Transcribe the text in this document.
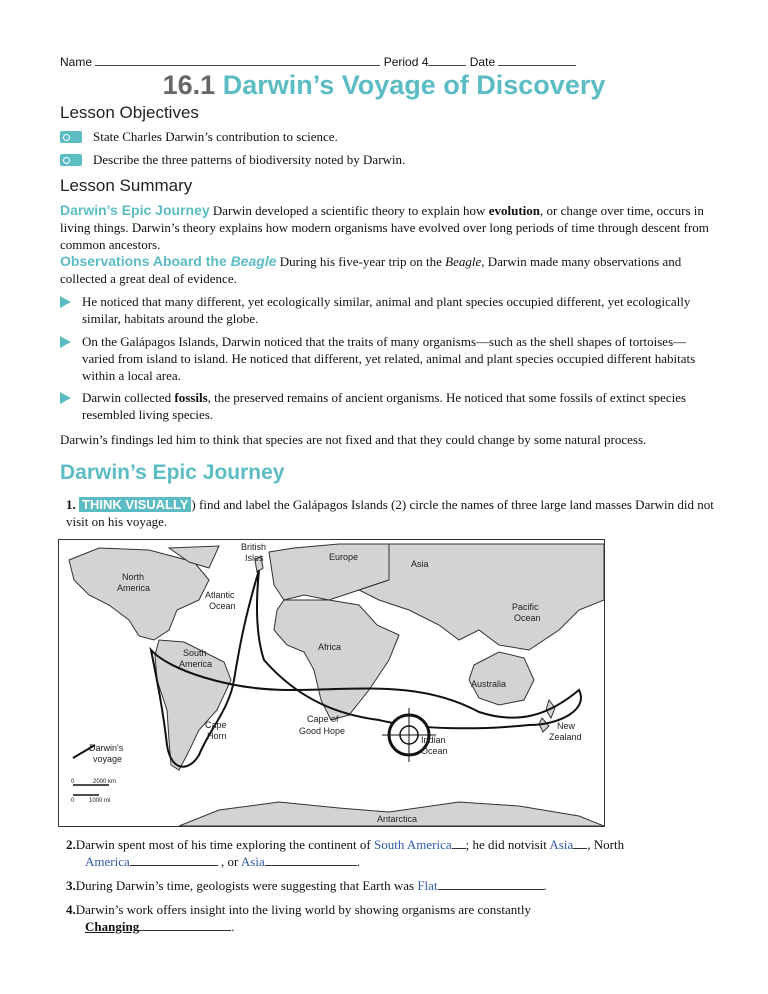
Name	Period 4	Date
16.1 Darwin’s Voyage of Discovery
Lesson Objectives
State Charles Darwin’s contribution to science.
Describe the three patterns of biodiversity noted by Darwin.
Lesson Summary
Darwin’s Epic Journey Darwin developed a scientific theory to explain how evolution, or change over time, occurs in living things. Darwin’s theory explains how modern organisms have evolved over long periods of time through descent from common ancestors.
Observations Aboard the Beagle During his five-year trip on the Beagle, Darwin made many observations and collected a great deal of evidence.
He noticed that many different, yet ecologically similar, animal and plant species occupied different, yet ecologically similar, habitats around the globe.
On the Galápagos Islands, Darwin noticed that the traits of many organisms—such as the shell shapes of tortoises—varied from island to island. He noticed that different, yet related, animal and plant species occupied different habitats within a local area.
Darwin collected fossils, the preserved remains of ancient organisms. He noticed that some fossils of extinct species resembled living species.
Darwin’s findings led him to think that species are not fixed and that they could change by some natural process.
Darwin’s Epic Journey
1. THINK VISUALLY ) find and label the Galápagos Islands (2) circle the names of three large land masses Darwin did not visit on his voyage.
British
Isles	Europe
Asia
North
America
Atlantic
Ocean	Pacific
Ocean
Africa
South
America
Australia
Cape
Horn
Cape of
Good Hope
Indian
Ocean
New
Zealand
Darwin's
voyage
0	2000 km
0 1000 mi
Antarctica
2.Darwin spent most of his time exploring the continent of South America ; he did notvisit Asia , North
America	, or Asia	.
3.During Darwin’s time, geologists were suggesting that Earth was Flat	.
4.Darwin’s work offers insight into the living world by showing organisms are constantly
Changing	.
